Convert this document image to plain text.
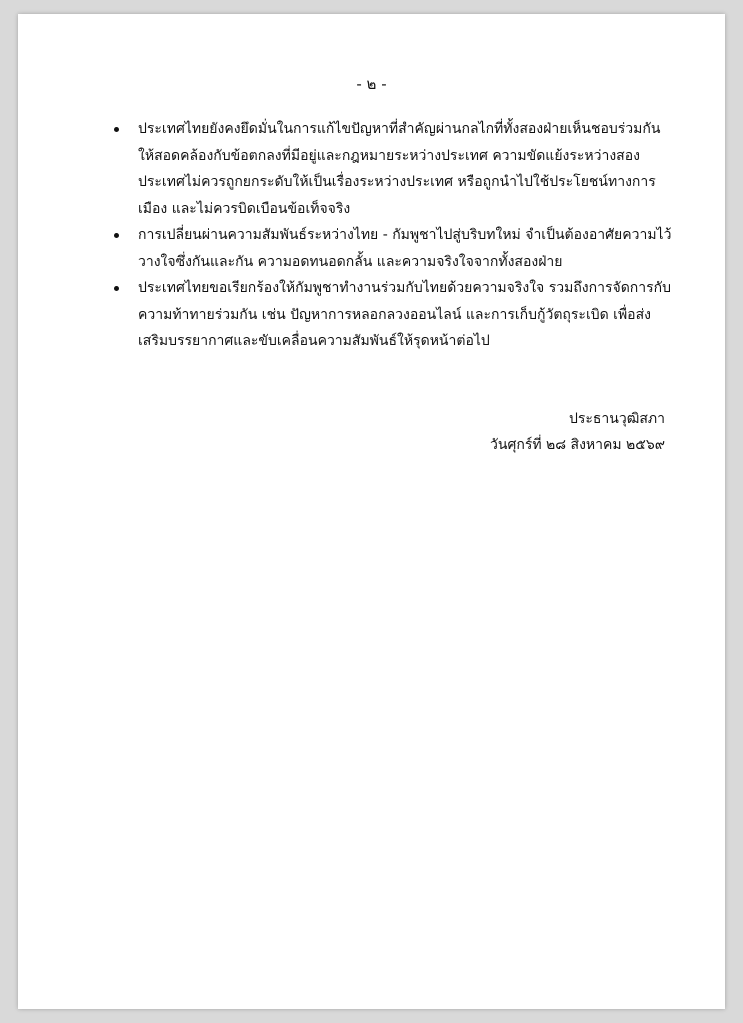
- ๒ -
ประเทศไทยยังคงยึดมั่นในการแก้ไขปัญหาที่สำคัญผ่านกลไกที่ทั้งสองฝ่ายเห็นชอบร่วมกันให้สอดคล้องกับข้อตกลงที่มีอยู่และกฎหมายระหว่างประเทศ ความขัดแย้งระหว่างสองประเทศไม่ควรถูกยกระดับให้เป็นเรื่องระหว่างประเทศ หรือถูกนำไปใช้ประโยชน์ทางการเมือง และไม่ควรบิดเบือนข้อเท็จจริง
การเปลี่ยนผ่านความสัมพันธ์ระหว่างไทย - กัมพูชาไปสู่บริบทใหม่ จำเป็นต้องอาศัยความไว้วางใจซึ่งกันและกัน ความอดทนอดกลั้น และความจริงใจจากทั้งสองฝ่าย
ประเทศไทยขอเรียกร้องให้กัมพูชาทำงานร่วมกับไทยด้วยความจริงใจ รวมถึงการจัดการกับความท้าทายร่วมกัน เช่น ปัญหาการหลอกลวงออนไลน์ และการเก็บกู้วัตถุระเบิด เพื่อส่งเสริมบรรยากาศและขับเคลื่อนความสัมพันธ์ให้รุดหน้าต่อไป
ประธานวุฒิสภา
วันศุกร์ที่ ๒๘ สิงหาคม ๒๕๖๙
